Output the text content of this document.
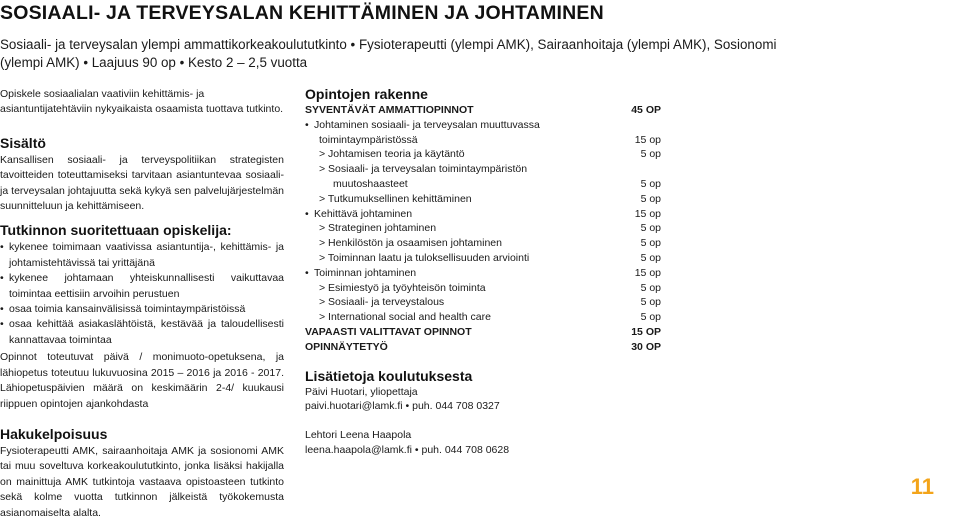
SOSIAALI- JA TERVEYSALAN KEHITTÄMINEN JA JOHTAMINEN

Sosiaali- ja terveysalan ylempi ammattikorkeakoulututkinto • Fysioterapeutti (ylempi AMK), Sairaanhoitaja (ylempi AMK), Sosionomi (ylempi AMK) • Laajuus 90 op • Kesto 2 – 2,5 vuotta

Opiskele sosiaalialan vaativiin kehittämis- ja asiantuntijatehtäviin nykyaikaista osaamista tuottava tutkinto.

Sisältö

Kansallisen sosiaali- ja terveyspolitiikan strategisten tavoitteiden toteuttamiseksi tarvitaan asiantuntevaa sosiaali- ja terveysalan johtajuutta sekä kykyä sen palvelujärjestelmän suunnitteluun ja kehittämiseen.

Tutkinnon suoritettuaan opiskelija:
• kykenee toimimaan vaativissa asiantuntija-, kehittämis- ja johtamistehtävissä tai yrittäjänä
• kykenee johtamaan yhteiskunnallisesti vaikuttavaa toimintaa eettisiin arvoihin perustuen
• osaa toimia kansainvälisissä toimintaympäristöissä
• osaa kehittää asiakaslähtöistä, kestävää ja taloudellisesti kannattavaa toimintaa

Opinnot toteutuvat päivä / monimuoto-opetuksena, ja lähiopetus toteutuu lukuvuosina 2015 – 2016 ja 2016 - 2017. Lähiopetuspäivien määrä on keskimäärin 2-4/ kuukausi riippuen opintojen ajankohdasta

Hakukelpoisuus

Fysioterapeutti AMK, sairaanhoitaja AMK ja sosionomi AMK tai muu soveltuva korkeakoulututkinto, jonka lisäksi hakijalla on mainittuja AMK tutkintoja vastaava opistoasteen tutkinto sekä kolme vuotta tutkinnon jälkeistä työkokemusta asianomaiselta alalta.

Opintojen rakenne
SYVENTÄVÄT AMMATTIOPINNOT	45 OP
• Johtaminen sosiaali- ja terveysalan muuttuvassa
toimintaympäristössä	15 op
> Johtamisen teoria ja käytäntö	5 op
> Sosiaali- ja terveysalan toimintaympäristön
muutoshaasteet	5 op
> Tutkumuksellinen kehittäminen	5 op
• Kehittävä johtaminen	15 op
> Strateginen johtaminen	5 op
> Henkilöstön ja osaamisen johtaminen	5 op
> Toiminnan laatu ja tuloksellisuuden arviointi	5 op
• Toiminnan johtaminen	15 op
> Esimiestyö ja työyhteisön toiminta	5 op
> Sosiaali- ja terveystalous	5 op
> International social and health care	5 op
VAPAASTI VALITTAVAT OPINNOT	15 OP
OPINNÄYTETYÖ	30 OP
Lisätietoja koulutuksesta

Päivi Huotari, yliopettaja

paivi.huotari@lamk.fi • puh. 044 708 0327

Lehtori Leena Haapola

leena.haapola@lamk.fi • puh. 044 708 0628

11
